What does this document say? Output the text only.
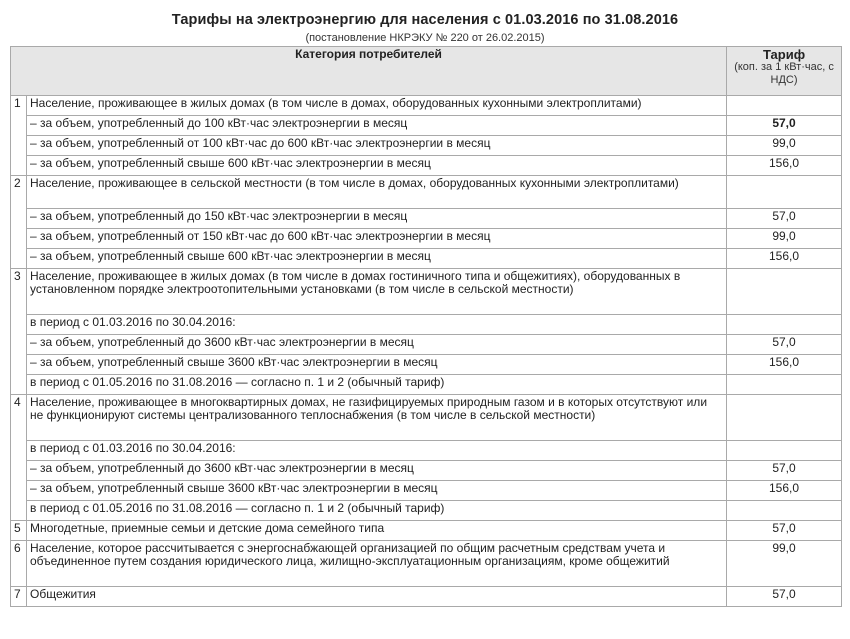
Тарифы на электроэнергию для населения с 01.03.2016 по 31.08.2016
(постановление НКРЭКУ № 220 от 26.02.2015)
Категория потребителей		Тариф
(коп. за 1 кВт·час, с НДС)

1	Население, проживающее в жилых домах (в том числе в домах, оборудованных кухонными электроплитами)	
	– за объем, употребленный до 100 кВт·час электроэнергии в месяц	57,0
	– за объем, употребленный от 100 кВт·час до 600 кВт·час электроэнергии в месяц	99,0
	– за объем, употребленный свыше 600 кВт·час электроэнергии в месяц	156,0
2	Население, проживающее в сельской местности (в том числе в домах, оборудованных кухонными электроплитами)	
	– за объем, употребленный до 150 кВт·час электроэнергии в месяц	57,0
	– за объем, употребленный от 150 кВт·час до 600 кВт·час электроэнергии в месяц	99,0
	– за объем, употребленный свыше 600 кВт·час электроэнергии в месяц	156,0
3	Население, проживающее в жилых домах (в том числе в домах гостиничного типа и общежитиях), оборудованных в установленном порядке электроотопительными установками (в том числе в сельской местности)	
	в период с 01.03.2016 по 30.04.2016:	
	– за объем, употребленный до 3600 кВт·час электроэнергии в месяц	57,0
	– за объем, употребленный свыше 3600 кВт·час электроэнергии в месяц	156,0
	в период с 01.05.2016 по 31.08.2016 — согласно п. 1 и 2 (обычный тариф)	
4	Население, проживающее в многоквартирных домах, не газифицируемых природным газом и в которых отсутствуют или не функционируют системы централизованного теплоснабжения (в том числе в сельской местности)	
	в период с 01.03.2016 по 30.04.2016:	
	– за объем, употребленный до 3600 кВт·час электроэнергии в месяц	57,0
	– за объем, употребленный свыше 3600 кВт·час электроэнергии в месяц	156,0
	в период с 01.05.2016 по 31.08.2016 — согласно п. 1 и 2 (обычный тариф)	
5	Многодетные, приемные семьи и детские дома семейного типа	57,0
6	Население, которое рассчитывается с энергоснабжающей организацией по общим расчетным средствам учета и объединенное путем создания юридического лица, жилищно-эксплуатационным организациям, кроме общежитий	99,0
7	Общежития	57,0
